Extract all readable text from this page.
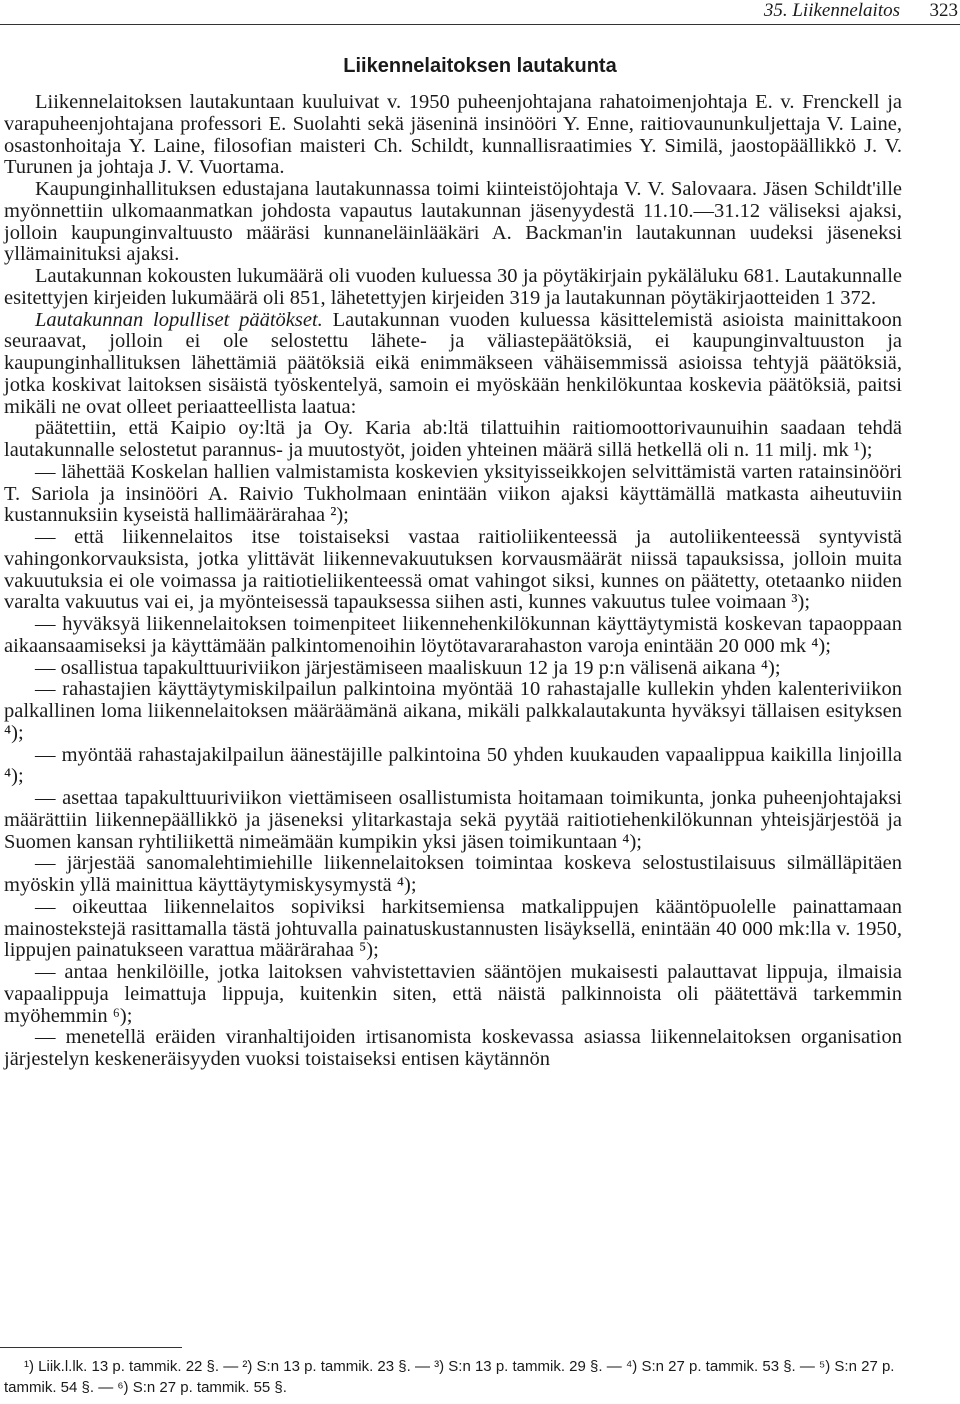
35. Liikennelaitos 323
Liikennelaitoksen lautakunta

Liikennelaitoksen lautakuntaan kuuluivat v. 1950 puheenjohtajana rahatoimenjohtaja E. v. Frenckell ja varapuheenjohtajana professori E. Suolahti sekä jäseninä insinööri Y. Enne, raitiovaununkuljettaja V. Laine, osastonhoitaja Y. Laine, filosofian maisteri Ch. Schildt, kunnallisraatimies Y. Similä, jaostopäällikkö J. V. Turunen ja johtaja J. V. Vuortama.

Kaupunginhallituksen edustajana lautakunnassa toimi kiinteistöjohtaja V. V. Salovaara. Jäsen Schildt'ille myönnettiin ulkomaanmatkan johdosta vapautus lautakunnan jäsenyydestä 11.10.—31.12 väliseksi ajaksi, jolloin kaupunginvaltuusto määräsi kunnaneläinlääkäri A. Backman'in lautakunnan uudeksi jäseneksi yllämainituksi ajaksi.

Lautakunnan kokousten lukumäärä oli vuoden kuluessa 30 ja pöytäkirjain pykäläluku 681. Lautakunnalle esitettyjen kirjeiden lukumäärä oli 851, lähetettyjen kirjeiden 319 ja lautakunnan pöytäkirjaotteiden 1 372.

Lautakunnan lopulliset päätökset. Lautakunnan vuoden kuluessa käsittelemistä asioista mainittakoon seuraavat, jolloin ei ole selostettu lähete- ja väliastepäätöksiä, ei kaupunginvaltuuston ja kaupunginhallituksen lähettämiä päätöksiä eikä enimmäkseen vähäisemmissä asioissa tehtyjä päätöksiä, jotka koskivat laitoksen sisäistä työskentelyä, samoin ei myöskään henkilökuntaa koskevia päätöksiä, paitsi mikäli ne ovat olleet periaatteellista laatua:

päätettiin, että Kaipio oy:ltä ja Oy. Karia ab:ltä tilattuihin raitiomoottorivaunuihin saadaan tehdä lautakunnalle selostetut parannus- ja muutostyöt, joiden yhteinen määrä sillä hetkellä oli n. 11 milj. mk ¹);

— lähettää Koskelan hallien valmistamista koskevien yksityisseikkojen selvittämistä varten ratainsinööri T. Sariola ja insinööri A. Raivio Tukholmaan enintään viikon ajaksi käyttämällä matkasta aiheutuviin kustannuksiin kyseistä hallimäärärahaa ²);

— että liikennelaitos itse toistaiseksi vastaa raitioliikenteessä ja autoliikenteessä syntyvistä vahingonkorvauksista, jotka ylittävät liikennevakuutuksen korvausmäärät niissä tapauksissa, jolloin muita vakuutuksia ei ole voimassa ja raitiotieliikenteessä omat vahingot siksi, kunnes on päätetty, otetaanko niiden varalta vakuutus vai ei, ja myönteisessä tapauksessa siihen asti, kunnes vakuutus tulee voimaan ³);

— hyväksyä liikennelaitoksen toimenpiteet liikennehenkilökunnan käyttäytymistä koskevan tapaoppaan aikaansaamiseksi ja käyttämään palkintomenoihin löytötavararahaston varoja enintään 20 000 mk ⁴);

— osallistua tapakulttuuriviikon järjestämiseen maaliskuun 12 ja 19 p:n välisenä aikana ⁴);

— rahastajien käyttäytymiskilpailun palkintoina myöntää 10 rahastajalle kullekin yhden kalenteriviikon palkallinen loma liikennelaitoksen määräämänä aikana, mikäli palkkalautakunta hyväksyi tällaisen esityksen ⁴);

— myöntää rahastajakilpailun äänestäjille palkintoina 50 yhden kuukauden vapaalippua kaikilla linjoilla ⁴);

— asettaa tapakulttuuriviikon viettämiseen osallistumista hoitamaan toimikunta, jonka puheenjohtajaksi määrättiin liikennepäällikkö ja jäseneksi ylitarkastaja sekä pyytää raitiotiehenkilökunnan yhteisjärjestöä ja Suomen kansan ryhtiliikettä nimeämään kumpikin yksi jäsen toimikuntaan ⁴);

— järjestää sanomalehtimiehille liikennelaitoksen toimintaa koskeva selostustilaisuus silmälläpitäen myöskin yllä mainittua käyttäytymiskysymystä ⁴);

— oikeuttaa liikennelaitos sopiviksi harkitsemiensa matkalippujen kääntöpuolelle painattamaan mainostekstejä rasittamalla tästä johtuvalla painatuskustannusten lisäyksellä, enintään 40 000 mk:lla v. 1950, lippujen painatukseen varattua määrärahaa ⁵);

— antaa henkilöille, jotka laitoksen vahvistettavien sääntöjen mukaisesti palauttavat lippuja, ilmaisia vapaalippuja leimattuja lippuja, kuitenkin siten, että näistä palkinnoista oli päätettävä tarkemmin myöhemmin ⁶);

— menetellä eräiden viranhaltijoiden irtisanomista koskevassa asiassa liikennelaitoksen organisation järjestelyn keskeneräisyyden vuoksi toistaiseksi entisen käytännön

¹) Liik.l.lk. 13 p. tammik. 22 §. — ²) S:n 13 p. tammik. 23 §. — ³) S:n 13 p. tammik. 29 §. — ⁴) S:n 27 p. tammik. 53 §. — ⁵) S:n 27 p. tammik. 54 §. — ⁶) S:n 27 p. tammik. 55 §.
